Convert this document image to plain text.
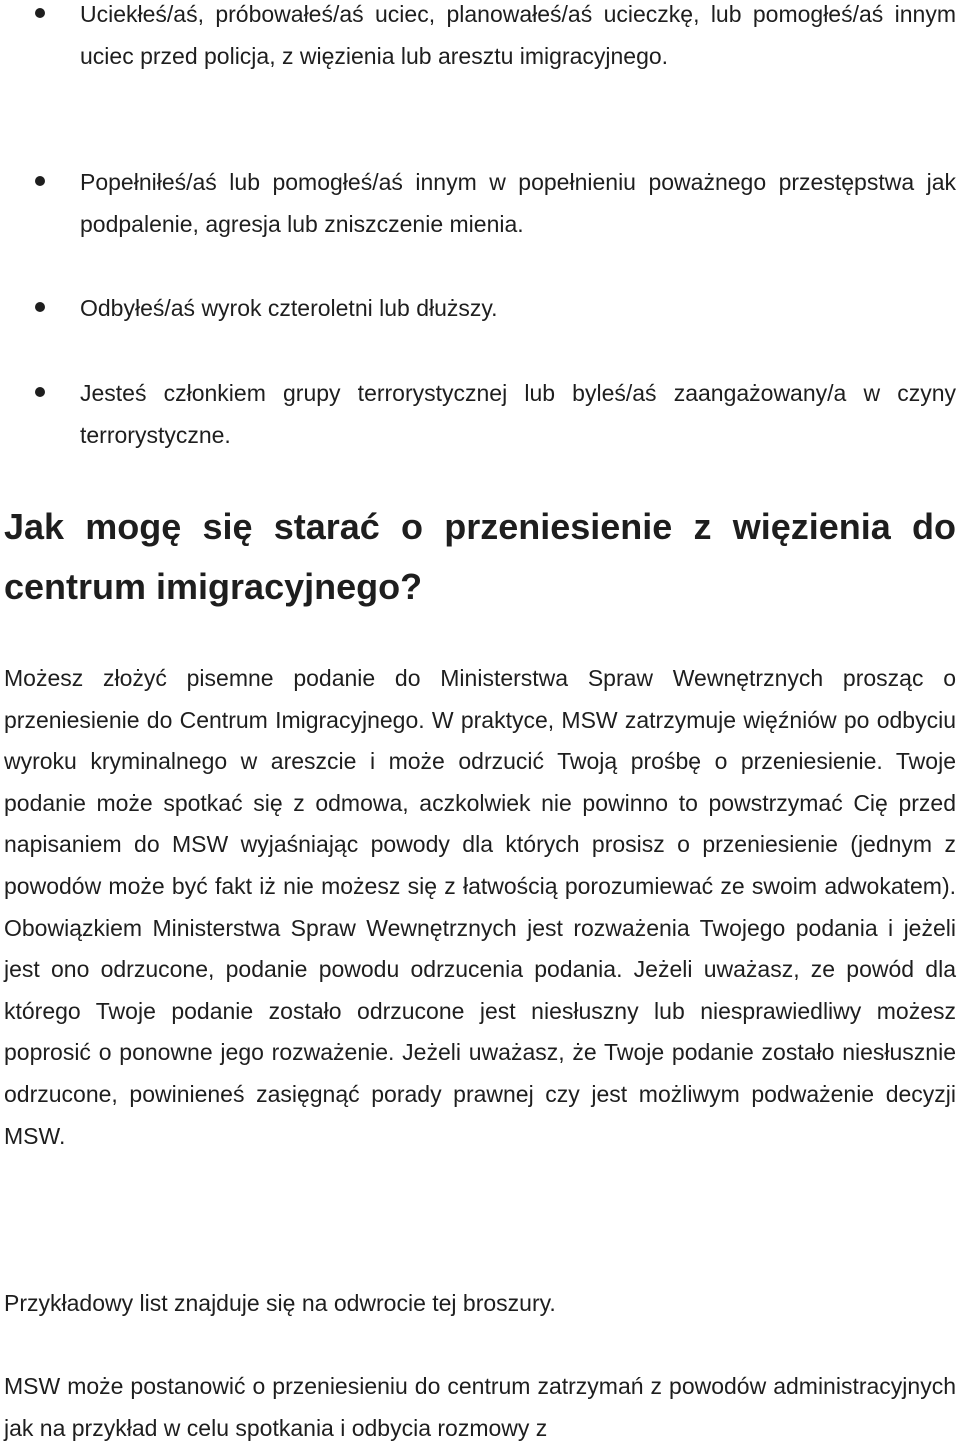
Uciekłeś/aś, próbowałeś/aś uciec, planowałeś/aś ucieczkę, lub pomogłeś/aś innym uciec przed policja, z więzienia lub aresztu imigracyjnego.
Popełniłeś/aś lub pomogłeś/aś innym w popełnieniu poważnego przestępstwa jak podpalenie, agresja lub zniszczenie mienia.
Odbyłeś/aś wyrok czteroletni lub dłuższy.
Jesteś członkiem grupy terrorystycznej lub byleś/aś zaangażowany/a w czyny terrorystyczne.
Jak mogę się starać o przeniesienie z więzienia do centrum imigracyjnego?

Możesz złożyć pisemne podanie do Ministerstwa Spraw Wewnętrznych prosząc o przeniesienie do Centrum Imigracyjnego. W praktyce, MSW zatrzymuje więźniów po odbyciu wyroku kryminalnego w areszcie i może odrzucić Twoją prośbę o przeniesienie. Twoje podanie może spotkać się z odmowa, aczkolwiek nie powinno to powstrzymać Cię przed napisaniem do MSW wyjaśniając powody dla których prosisz o przeniesienie (jednym z powodów może być fakt iż nie możesz się z łatwością porozumiewać ze swoim adwokatem). Obowiązkiem Ministerstwa Spraw Wewnętrznych jest rozważenia Twojego podania i jeżeli jest ono odrzucone, podanie powodu odrzucenia podania. Jeżeli uważasz, ze powód dla którego Twoje podanie zostało odrzucone jest niesłuszny lub niesprawiedliwy możesz poprosić o ponowne jego rozważenie. Jeżeli uważasz, że Twoje podanie zostało niesłusznie odrzucone, powinieneś zasięgnąć porady prawnej czy jest możliwym podważenie decyzji MSW.

Przykładowy list znajduje się na odwrocie tej broszury.

MSW może postanowić o przeniesieniu do centrum zatrzymań z powodów administracyjnych jak na przykład w celu spotkania i odbycia rozmowy z
